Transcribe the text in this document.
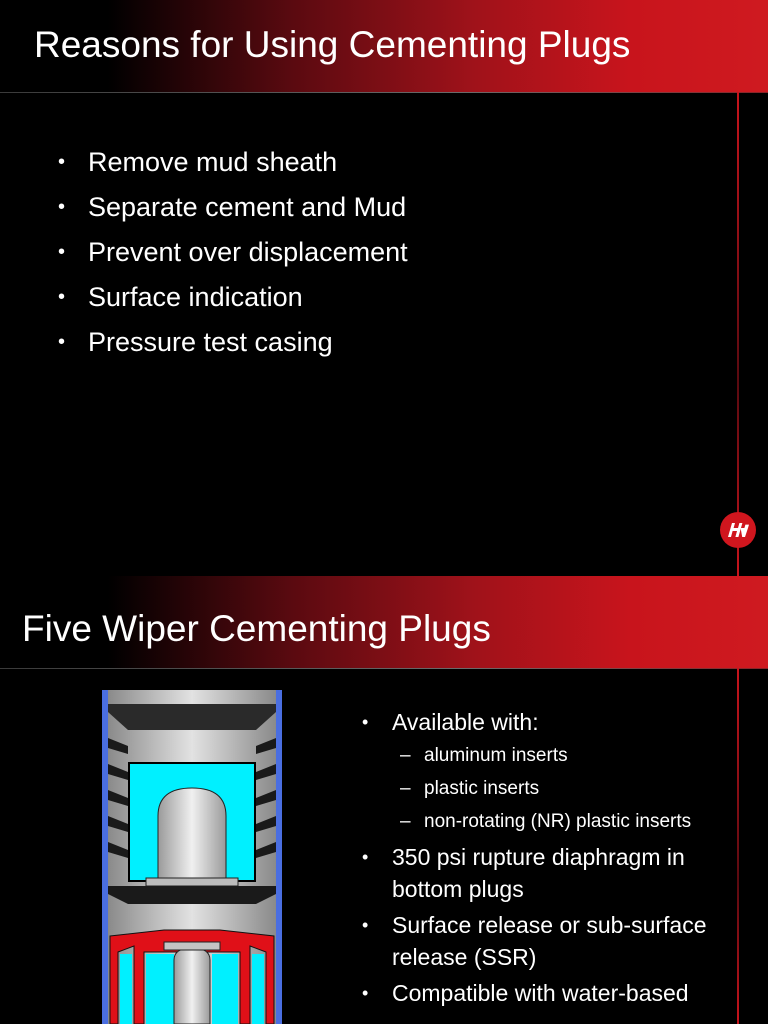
Reasons for Using Cementing Plugs
• Remove mud sheath
• Separate cement and Mud
• Prevent over displacement
• Surface indication
• Pressure test casing
Five Wiper Cementing Plugs
• Available with:
– aluminum inserts
– plastic inserts
– non-rotating (NR) plastic inserts
• 350 psi rupture diaphragm in bottom plugs
• Surface release or sub-surface release (SSR)
• Compatible with water-based
